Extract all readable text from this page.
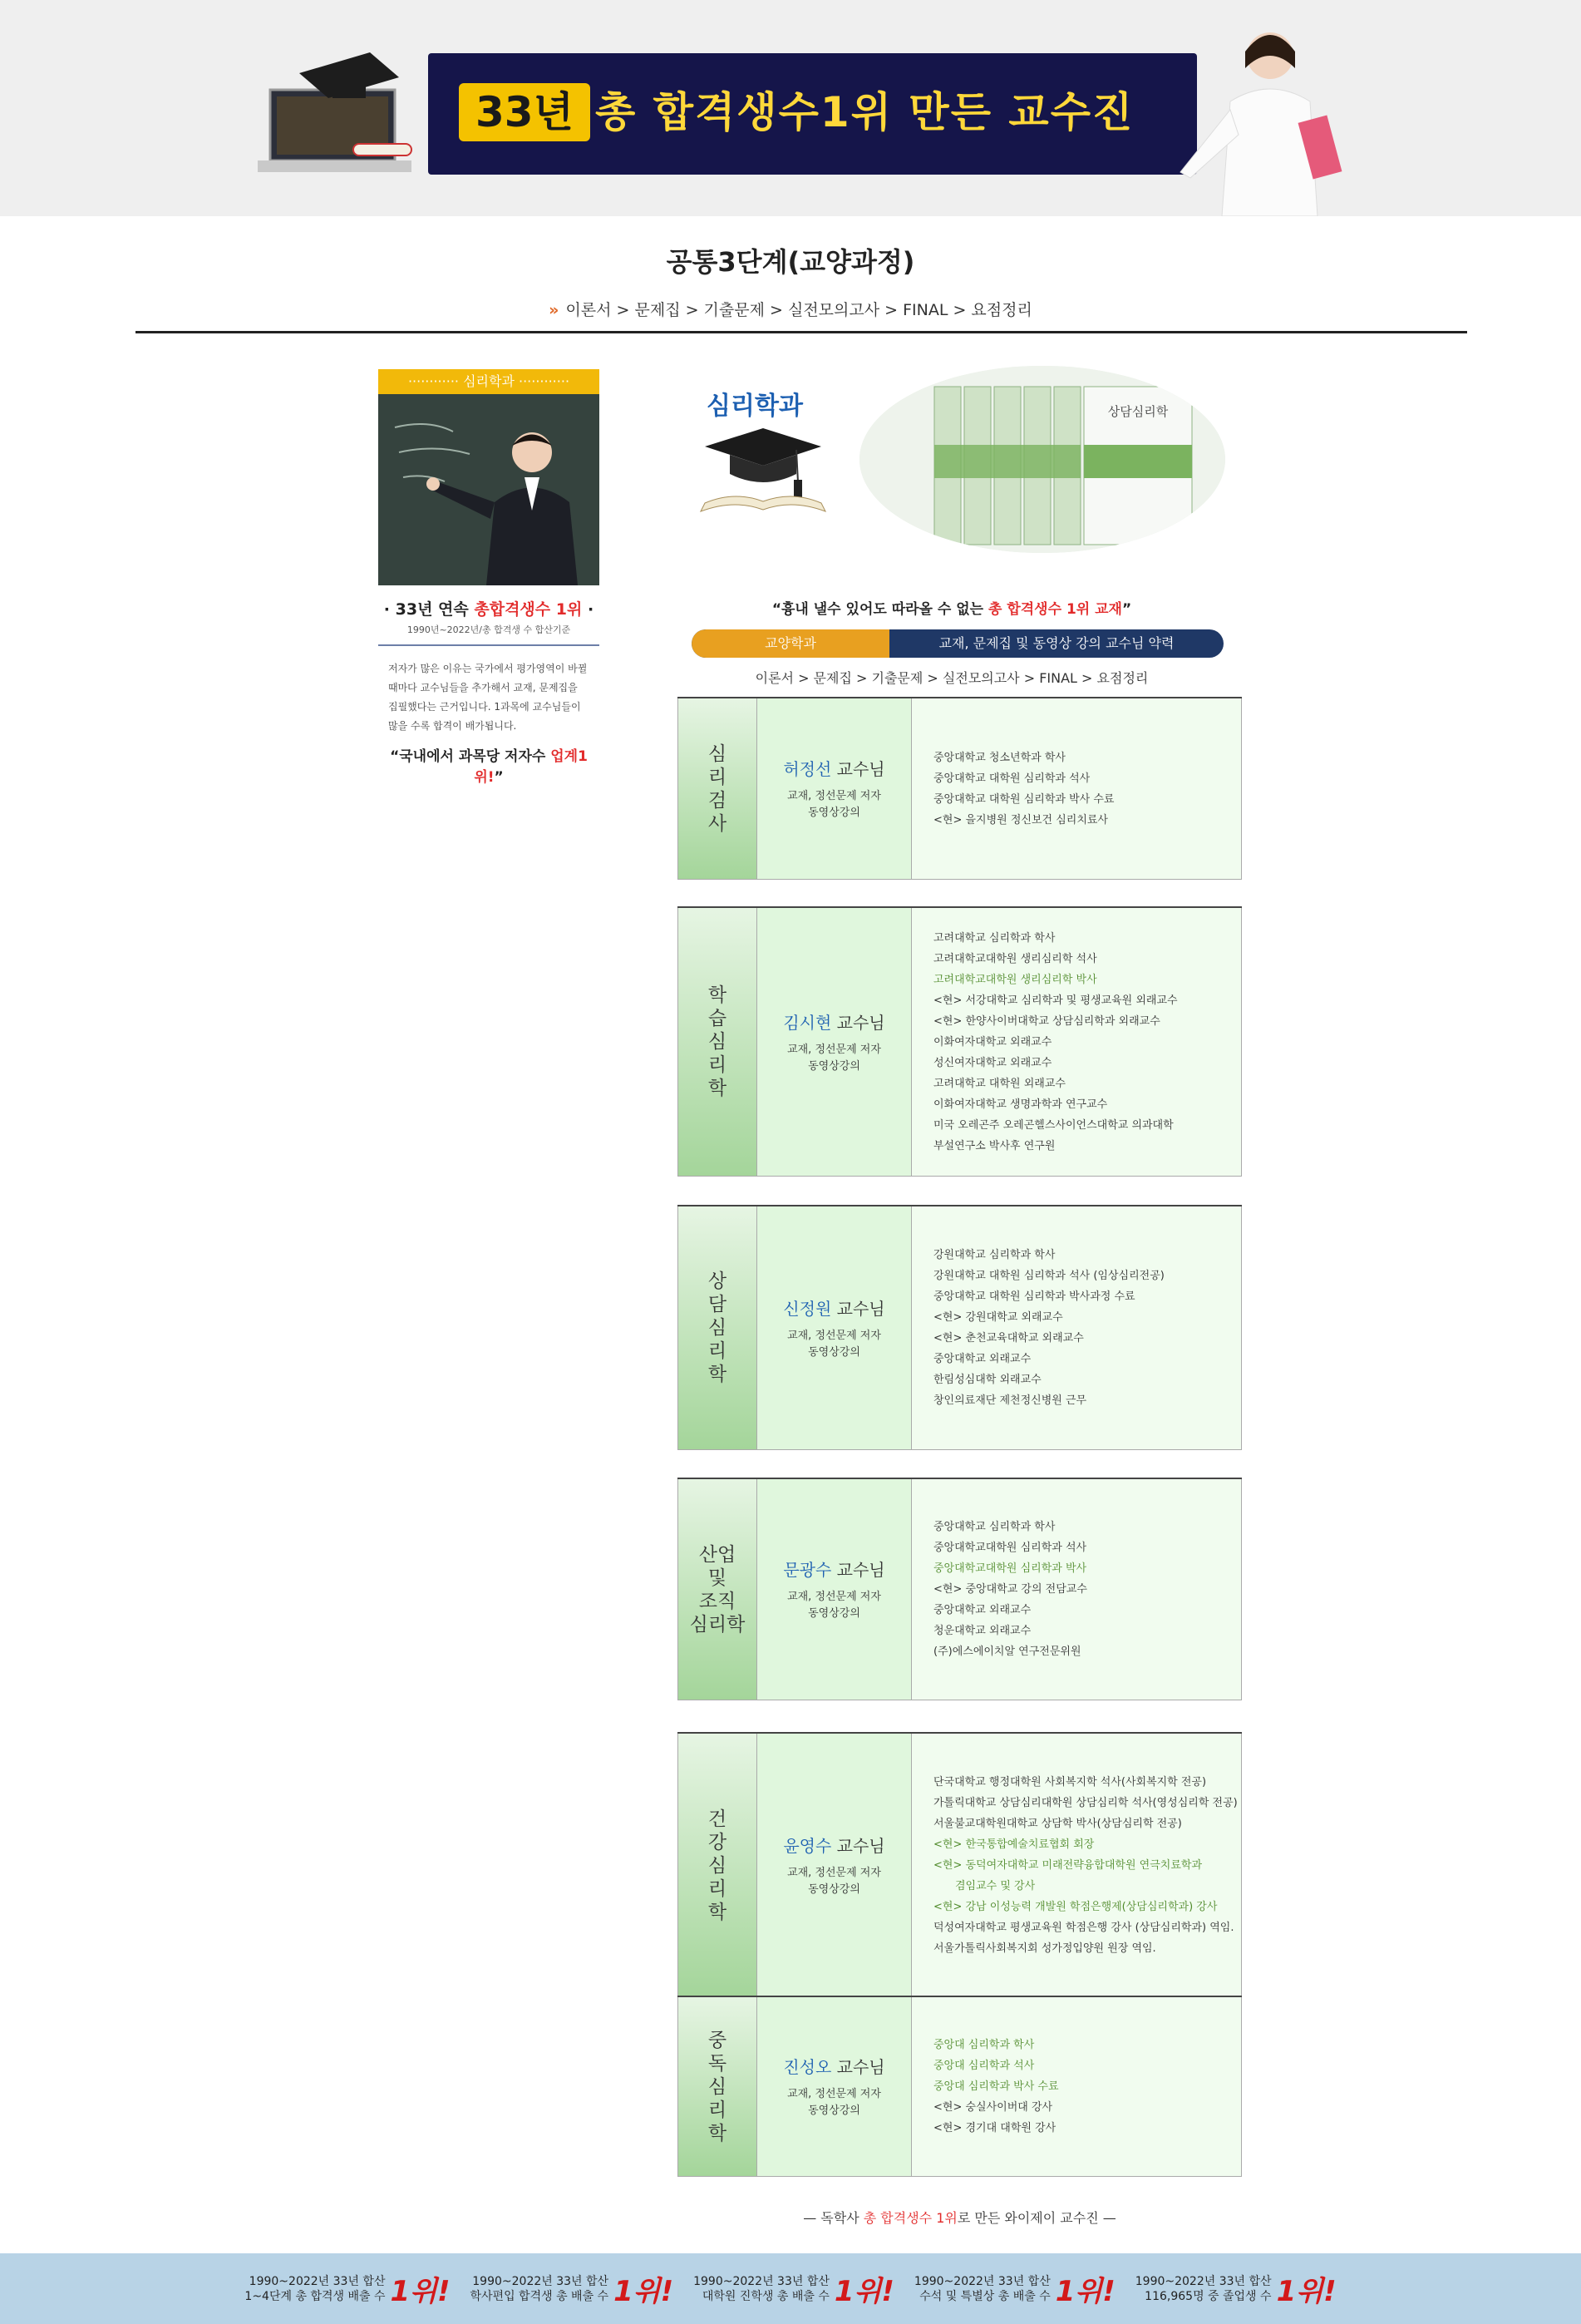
33년 총 합격생수1위 만든 교수진
공통3단계(교양과정)
» 이론서 > 문제집 > 기출문제 > 실전모의고사 > FINAL > 요점정리
············ 심리학과 ············
· 33년 연속 총합격생수 1위 ·
1990년~2022년/총 합격생 수 합산기준
저자가 많은 이유는 국가에서 평가영역이 바뀔
때마다 교수님들을 추가해서 교재, 문제집을
집필했다는 근거입니다. 1과목에 교수님들이
많을 수록 합격이 배가됩니다.
“국내에서 과목당 저자수 업계1위!”
심리학과	상담심리학
“흉내 낼수 있어도 따라올 수 없는 총 합격생수 1위 교재”
교양학과	교재, 문제집 및 동영상 강의 교수님 약력
이론서 > 문제집 > 기출문제 > 실전모의고사 > FINAL > 요점정리
심
리
검
사
허정선 교수님
교재, 정선문제 저자
동영상강의
중앙대학교 청소년학과 학사
중앙대학교 대학원 심리학과 석사
중앙대학교 대학원 심리학과 박사 수료
<현> 을지병원 정신보건 심리치료사
학
습
심
리
학
김시현 교수님
교재, 정선문제 저자
동영상강의
고려대학교 심리학과 학사
고려대학교대학원 생리심리학 석사
고려대학교대학원 생리심리학 박사
<현> 서강대학교 심리학과 및 평생교육원 외래교수
<현> 한양사이버대학교 상담심리학과 외래교수
이화여자대학교 외래교수
성신여자대학교 외래교수
고려대학교 대학원 외래교수
이화여자대학교 생명과학과 연구교수
미국 오레곤주 오레곤헬스사이언스대학교 의과대학
부설연구소 박사후 연구원
상
담
심
리
학
신정원 교수님
교재, 정선문제 저자
동영상강의
강원대학교 심리학과 학사
강원대학교 대학원 심리학과 석사 (임상심리전공)
중앙대학교 대학원 심리학과 박사과정 수료
<현> 강원대학교 외래교수
<현> 춘천교육대학교 외래교수
중앙대학교 외래교수
한림성심대학 외래교수
창인의료재단 제천정신병원 근무
산업
및
조직
심리학
문광수 교수님
교재, 정선문제 저자
동영상강의
중앙대학교 심리학과 학사
중앙대학교대학원 심리학과 석사
중앙대학교대학원 심리학과 박사
<현> 중앙대학교 강의 전담교수
중앙대학교 외래교수
청운대학교 외래교수
(주)에스에이치알 연구전문위원
건
강
심
리
학
윤영수 교수님
교재, 정선문제 저자
동영상강의
단국대학교 행정대학원 사회복지학 석사(사회복지학 전공)
가톨릭대학교 상담심리대학원 상담심리학 석사(영성심리학 전공)
서울불교대학원대학교 상담학 박사(상담심리학 전공)
<현> 한국통합예술치료협회 회장
<현> 동덕여자대학교 미래전략융합대학원 연극치료학과
겸임교수 및 강사
<현> 강남 이성능력 개발원 학점은행제(상담심리학과) 강사
덕성여자대학교 평생교육원 학점은행 강사 (상담심리학과) 역임.
서울가톨릭사회복지회 성가정입양원 원장 역임.
중
독
심
리
학
진성오 교수님
교재, 정선문제 저자
동영상강의
중앙대 심리학과 학사
중앙대 심리학과 석사
중앙대 심리학과 박사 수료
<현> 숭실사이버대 강사
<현> 경기대 대학원 강사
— 독학사 총 합격생수 1위로 만든 와이제이 교수진 —
1990~2022년 33년 합산
1~4단계 총 합격생 배출 수 1위! 1990~2022년 33년 합산
학사편입 합격생 총 배출 수 1위! 1990~2022년 33년 합산
대학원 진학생 총 배출 수 1위! 1990~2022년 33년 합산
수석 및 특별상 총 배출 수 1위! 1990~2022년 33년 합산
116,965명 중 졸업생 수 1위!
